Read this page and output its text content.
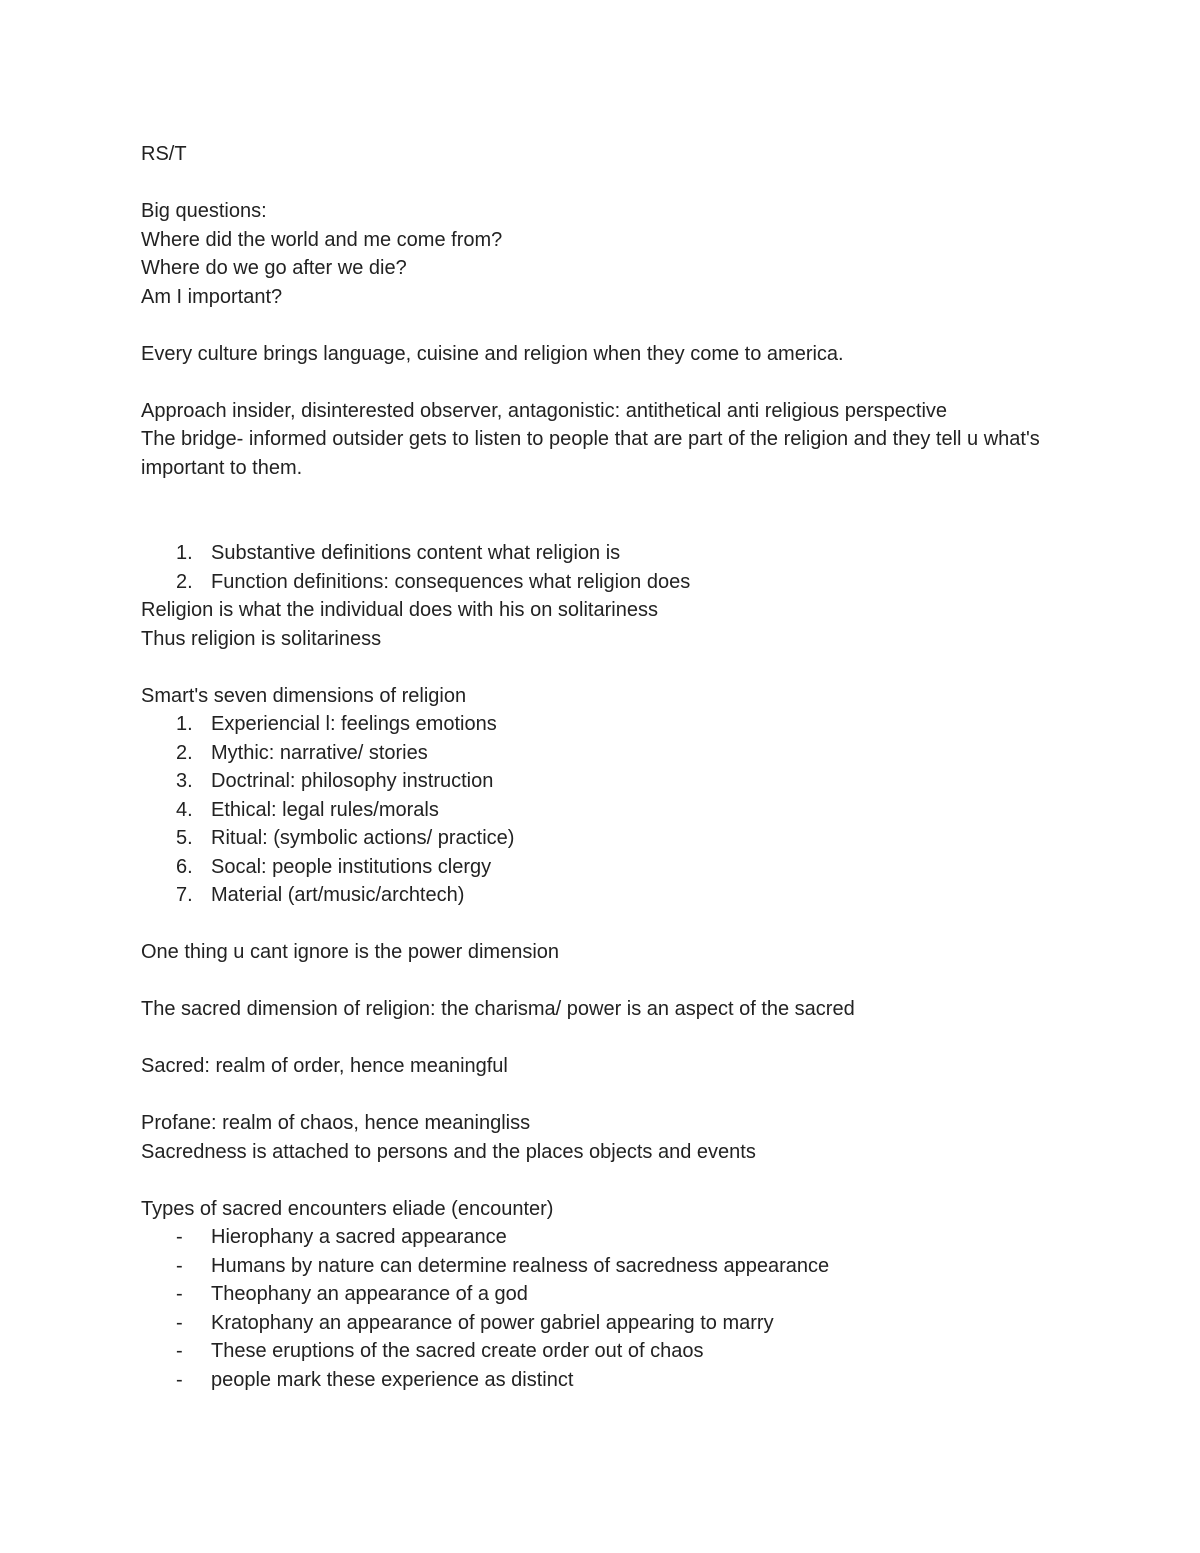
RS/T

Big questions:

Where did the world and me come from?

Where do we go after we die?

Am I important?

Every culture brings language, cuisine and religion when they come to america.

Approach insider, disinterested observer, antagonistic: antithetical anti religious perspective

The bridge- informed outsider gets to listen to people that are part of the religion and they tell u what's important to them.

1. Substantive definitions content what religion is
2. Function definitions: consequences what religion does

Religion is what the individual does with his on solitariness

Thus religion is solitariness

Smart's seven dimensions of religion

1. Experiencial l: feelings emotions
2. Mythic: narrative/ stories
3. Doctrinal: philosophy instruction
4. Ethical: legal rules/morals
5. Ritual: (symbolic actions/ practice)
6. Socal: people institutions clergy
7. Material (art/music/archtech)

One thing u cant ignore is the power dimension

The sacred dimension of religion: the charisma/ power is an aspect of the sacred

Sacred: realm of order, hence meaningful

Profane: realm of chaos, hence meaningliss

Sacredness is attached to persons and the places objects and events

Types of sacred encounters eliade (encounter)

- Hierophany a sacred appearance
- Humans by nature can determine realness of sacredness appearance
- Theophany an appearance of a god
- Kratophany an appearance of power gabriel appearing to marry
- These eruptions of the sacred create order out of chaos
- people mark these experience as distinct
